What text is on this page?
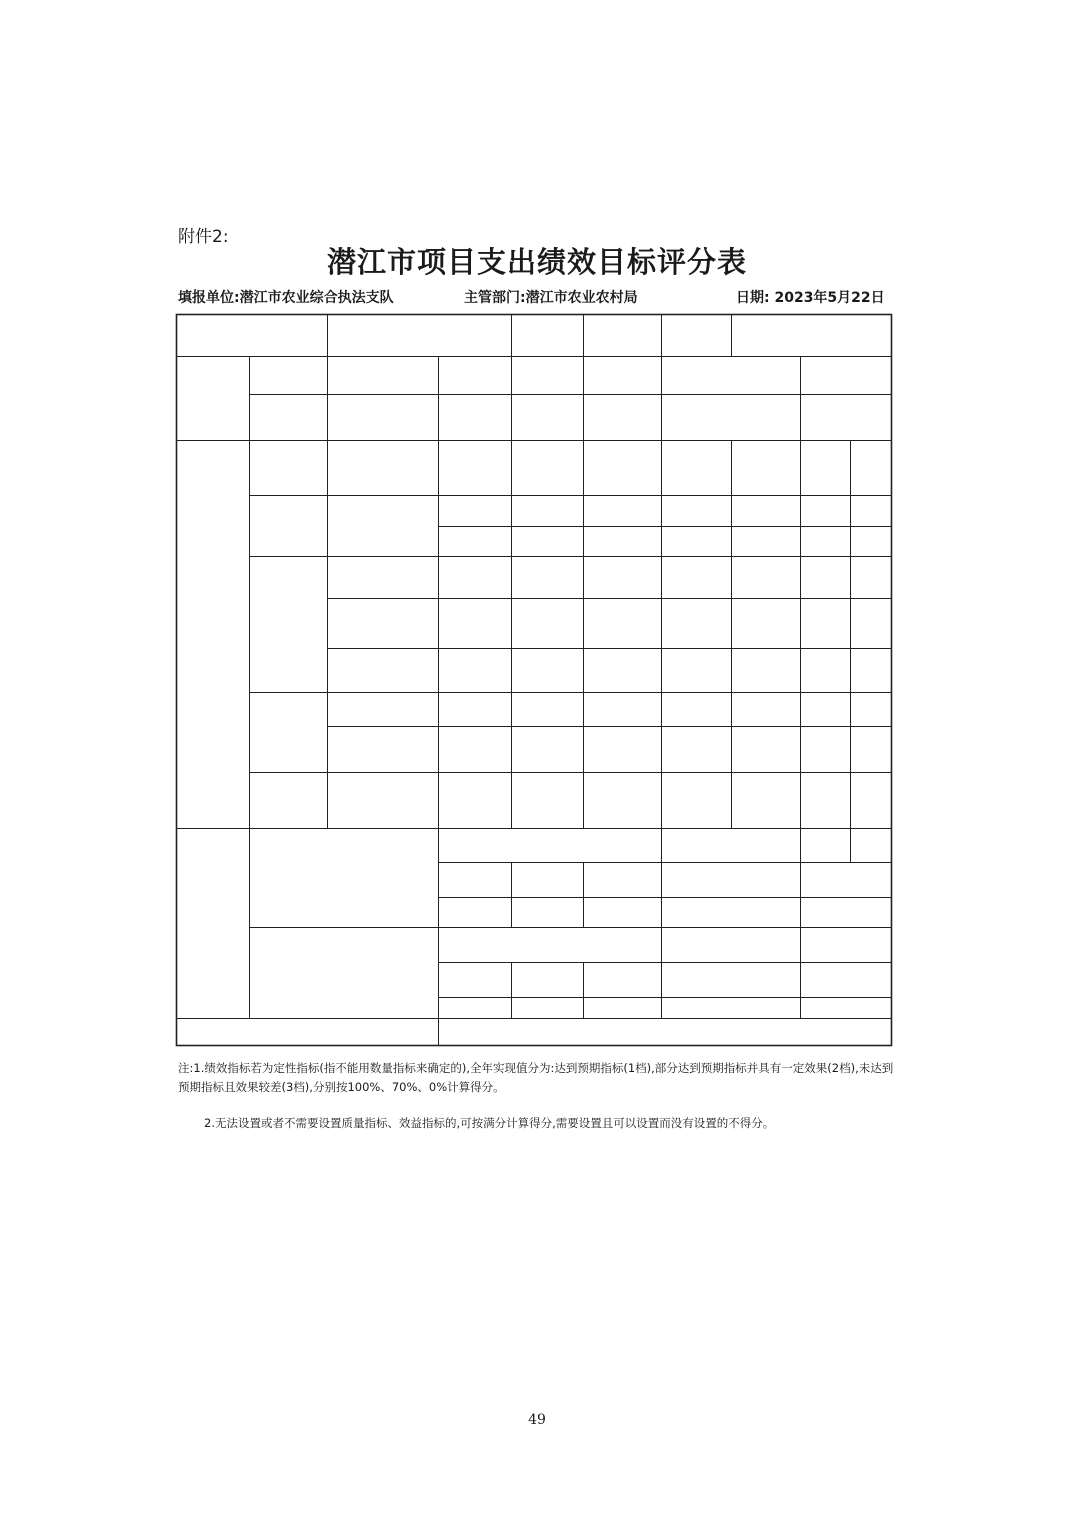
附件2:
潜江市项目支出绩效目标评分表
填报单位:潜江市农业综合执法支队	主管部门:潜江市农业农村局	日期: 2023年5月22日
注:1.绩效指标若为定性指标(指不能用数量指标来确定的),全年实现值分为:达到预期指标(1档),部分达到预期指标并具有一定效果(2档),未达到预期指标且效果较差(3档),分别按100%、70%、0%计算得分。
2.无法设置或者不需要设置质量指标、效益指标的,可按满分计算得分,需要设置且可以设置而没有设置的不得分。
49
